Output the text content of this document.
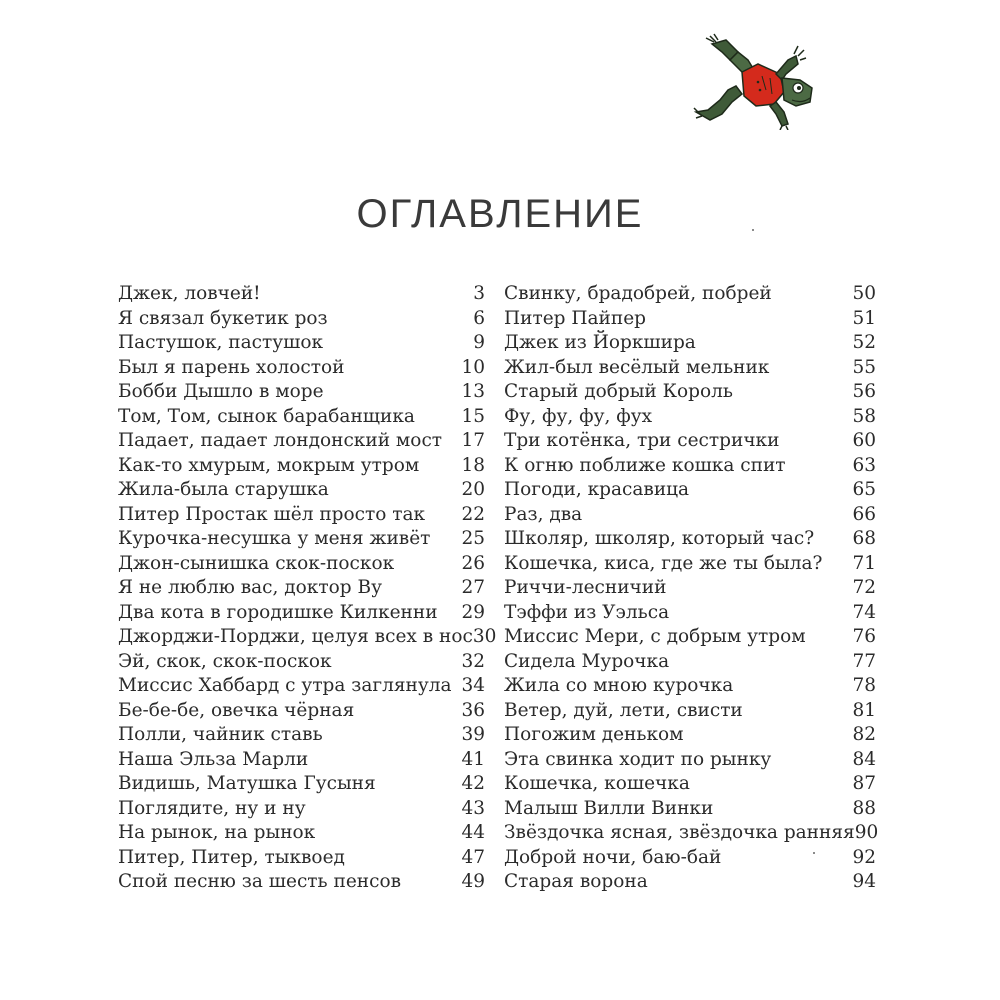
ОГЛАВЛЕНИЕ
Джек, ловчей!	3
Я связал букетик роз	6
Пастушок, пастушок	9
Был я парень холостой	10
Бобби Дышло в море	13
Том, Том, сынок барабанщика	15
Падает, падает лондонский мост 17
Как-то хмурым, мокрым утром 18
Жила-была старушка	20
Питер Простак шёл просто так 22
Курочка-несушка у меня живёт 25
Джон-сынишка скок-поскок	26
Я не люблю вас, доктор Ву	27
Два кота в городишке Килкенни 29
Джорджи-Порджи, целуя всех в нос 30
Эй, скок, скок-поскок	32
Миссис Хаббард с утра заглянула 34
Бе-бе-бе, овечка чёрная	36
Полли, чайник ставь	39
Наша Эльза Марли	41
Видишь, Матушка Гусыня	42
Поглядите, ну и ну	43
На рынок, на рынок	44
Питер, Питер, тыквоед	47
Спой песню за шесть пенсов	49
Свинку, брадобрей, побрей	50
Питер Пайпер	51
Джек из Йоркшира	52
Жил-был весёлый мельник	55
Старый добрый Король	56
Фу, фу, фу, фух	58
Три котёнка, три сестрички	60
К огню поближе кошка спит	63
Погоди, красавица	65
Раз, два	66
Школяр, школяр, который час? 68
Кошечка, киса, где же ты была? 71
Риччи-лесничий	72
Тэффи из Уэльса	74
Миссис Мери, с добрым утром	76
Сидела Мурочка	77
Жила со мною курочка	78
Ветер, дуй, лети, свисти	81
Погожим деньком	82
Эта свинка ходит по рынку	84
Кошечка, кошечка	87
Малыш Вилли Винки	88
Звёздочка ясная, звёздочка ранняя 90
Доброй ночи, баю-бай	92
Старая ворона	94
